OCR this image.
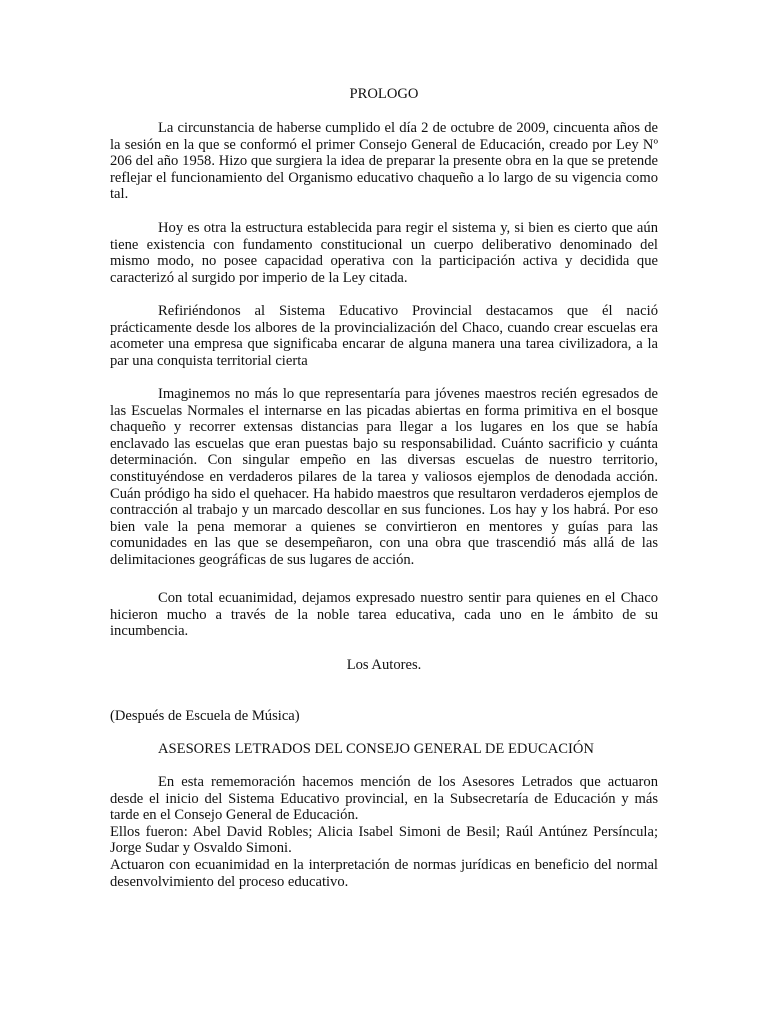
PROLOGO

La circunstancia de haberse cumplido el día 2 de octubre de 2009, cincuenta años de la sesión en la que se conformó el primer Consejo General de Educación, creado por Ley Nº 206 del año 1958. Hizo que surgiera la idea de preparar la presente obra en la que se pretende reflejar el funcionamiento del Organismo educativo chaqueño a lo largo de su vigencia como tal.

Hoy es otra la estructura establecida para regir el sistema y, si bien es cierto que aún tiene existencia con fundamento constitucional un cuerpo deliberativo denominado del mismo modo, no posee capacidad operativa con la participación activa y decidida que caracterizó al surgido por imperio de la Ley citada.

Refiriéndonos al Sistema Educativo Provincial destacamos que él nació prácticamente desde los albores de la provincialización del Chaco, cuando crear escuelas era acometer una empresa que significaba encarar de alguna manera una tarea civilizadora, a la par una conquista territorial cierta

Imaginemos no más lo que representaría para jóvenes maestros recién egresados de las Escuelas Normales el internarse en las picadas abiertas en forma primitiva en el bosque chaqueño y recorrer extensas distancias para llegar a los lugares en los que se había enclavado las escuelas que eran puestas bajo su responsabilidad. Cuánto sacrificio y cuánta determinación. Con singular empeño en las diversas escuelas de nuestro territorio, constituyéndose en verdaderos pilares de la tarea y valiosos ejemplos de denodada acción. Cuán pródigo ha sido el quehacer. Ha habido maestros que resultaron verdaderos ejemplos de contracción al trabajo y un marcado descollar en sus funciones. Los hay y los habrá. Por eso bien vale la pena memorar a quienes se convirtieron en mentores y guías para las comunidades en las que se desempeñaron, con una obra que trascendió más allá de las delimitaciones geográficas de sus lugares de acción.

Con total ecuanimidad, dejamos expresado nuestro sentir para quienes en el Chaco hicieron mucho a través de la noble tarea educativa, cada uno en le ámbito de su incumbencia.

Los Autores.

(Después de Escuela de Música)

ASESORES LETRADOS DEL CONSEJO GENERAL DE EDUCACIÓN

En esta rememoración hacemos mención de los Asesores Letrados que actuaron desde el inicio del Sistema Educativo provincial, en la Subsecretaría de Educación y más tarde en el Consejo General de Educación.

Ellos fueron: Abel David Robles; Alicia Isabel Simoni de Besil; Raúl Antúnez Persíncula; Jorge Sudar y Osvaldo Simoni.

Actuaron con ecuanimidad en la interpretación de normas jurídicas en beneficio del normal desenvolvimiento del proceso educativo.
